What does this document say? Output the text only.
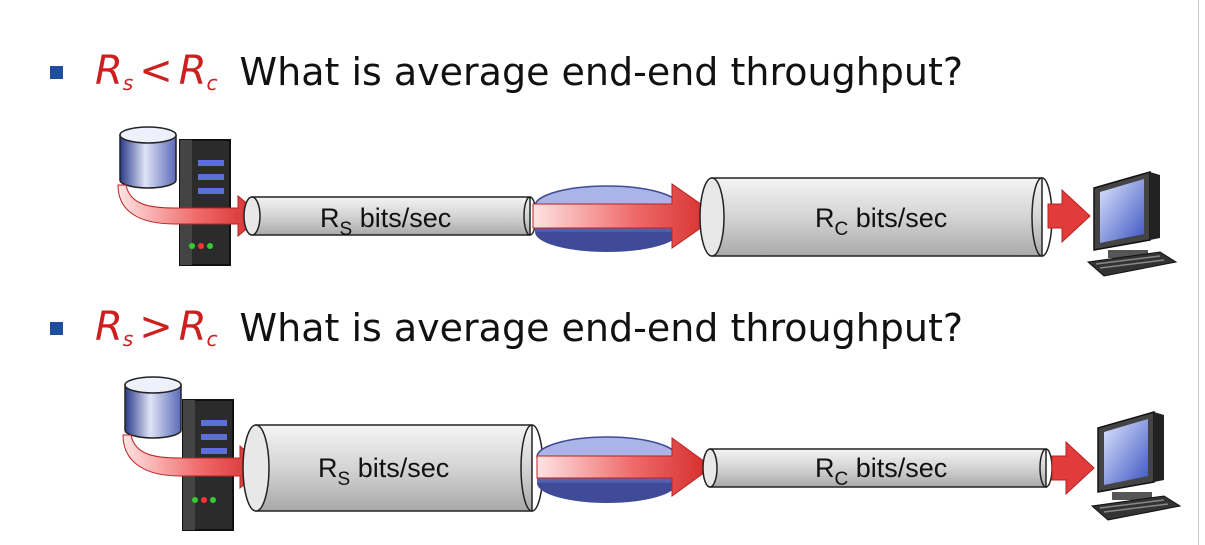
$R_s < R_c$ What is average end-end throughput?
$R_S$ bits/sec	$R_C$ bits/sec
$R_s > R_c$ What is average end-end throughput?
$R_S$ bits/sec	$R_C$ bits/sec
